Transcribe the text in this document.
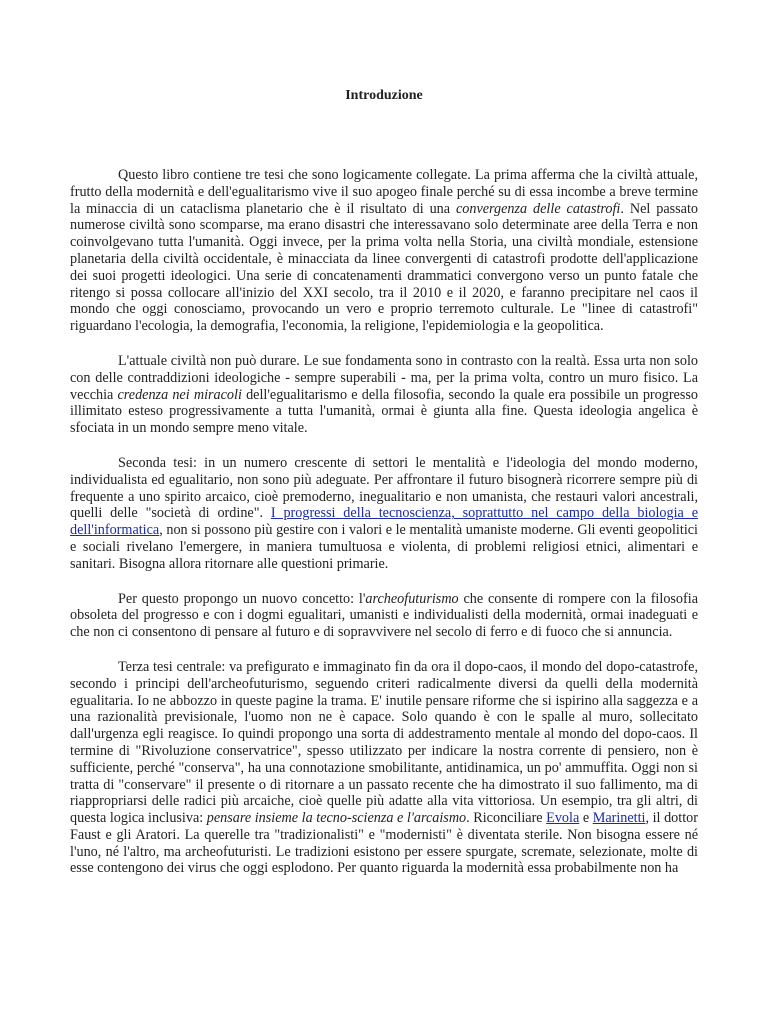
Introduzione

Questo libro contiene tre tesi che sono logicamente collegate. La prima afferma che la civiltà attuale, frutto della modernità e dell'egualitarismo vive il suo apogeo finale perché su di essa incombe a breve termine la minaccia di un cataclisma planetario che è il risultato di una convergenza delle catastrofi. Nel passato numerose civiltà sono scomparse, ma erano disastri che interessavano solo determinate aree della Terra e non coinvolgevano tutta l'umanità. Oggi invece, per la prima volta nella Storia, una civiltà mondiale, estensione planetaria della civiltà occidentale, è minacciata da linee convergenti di catastrofi prodotte dell'applicazione dei suoi progetti ideologici. Una serie di concatenamenti drammatici convergono verso un punto fatale che ritengo si possa collocare all'inizio del XXI secolo, tra il 2010 e il 2020, e faranno precipitare nel caos il mondo che oggi conosciamo, provocando un vero e proprio terremoto culturale. Le "linee di catastrofi" riguardano l'ecologia, la demografia, l'economia, la religione, l'epidemiologia e la geopolitica.

L'attuale civiltà non può durare. Le sue fondamenta sono in contrasto con la realtà. Essa urta non solo con delle contraddizioni ideologiche - sempre superabili - ma, per la prima volta, contro un muro fisico. La vecchia credenza nei miracoli dell'egualitarismo e della filosofia, secondo la quale era possibile un progresso illimitato esteso progressivamente a tutta l'umanità, ormai è giunta alla fine. Questa ideologia angelica è sfociata in un mondo sempre meno vitale.

Seconda tesi: in un numero crescente di settori le mentalità e l'ideologia del mondo moderno, individualista ed egualitario, non sono più adeguate. Per affrontare il futuro bisognerà ricorrere sempre più di frequente a uno spirito arcaico, cioè premoderno, inegualitario e non umanista, che restauri valori ancestrali, quelli delle "società di ordine". I progressi della tecnoscienza, soprattutto nel campo della biologia e dell'informatica, non si possono più gestire con i valori e le mentalità umaniste moderne. Gli eventi geopolitici e sociali rivelano l'emergere, in maniera tumultuosa e violenta, di problemi religiosi etnici, alimentari e sanitari. Bisogna allora ritornare alle questioni primarie.

Per questo propongo un nuovo concetto: l'archeofuturismo che consente di rompere con la filosofia obsoleta del progresso e con i dogmi egualitari, umanisti e individualisti della modernità, ormai inadeguati e che non ci consentono di pensare al futuro e di sopravvivere nel secolo di ferro e di fuoco che si annuncia.

Terza tesi centrale: va prefigurato e immaginato fin da ora il dopo-caos, il mondo del dopo-catastrofe, secondo i principi dell'archeofuturismo, seguendo criteri radicalmente diversi da quelli della modernità egualitaria. Io ne abbozzo in queste pagine la trama. E' inutile pensare riforme che si ispirino alla saggezza e a una razionalità previsionale, l'uomo non ne è capace. Solo quando è con le spalle al muro, sollecitato dall'urgenza egli reagisce. Io quindi propongo una sorta di addestramento mentale al mondo del dopo-caos. Il termine di "Rivoluzione conservatrice", spesso utilizzato per indicare la nostra corrente di pensiero, non è sufficiente, perché "conserva", ha una connotazione smobilitante, antidinamica, un po' ammuffita. Oggi non si tratta di "conservare" il presente o di ritornare a un passato recente che ha dimostrato il suo fallimento, ma di riappropriarsi delle radici più arcaiche, cioè quelle più adatte alla vita vittoriosa. Un esempio, tra gli altri, di questa logica inclusiva: pensare insieme la tecno-scienza e l'arcaismo. Riconciliare Evola e Marinetti, il dottor Faust e gli Aratori. La querelle tra "tradizionalisti" e "modernisti" è diventata sterile. Non bisogna essere né l'uno, né l'altro, ma archeofuturisti. Le tradizioni esistono per essere spurgate, scremate, selezionate, molte di esse contengono dei virus che oggi esplodono. Per quanto riguarda la modernità essa probabilmente non ha
